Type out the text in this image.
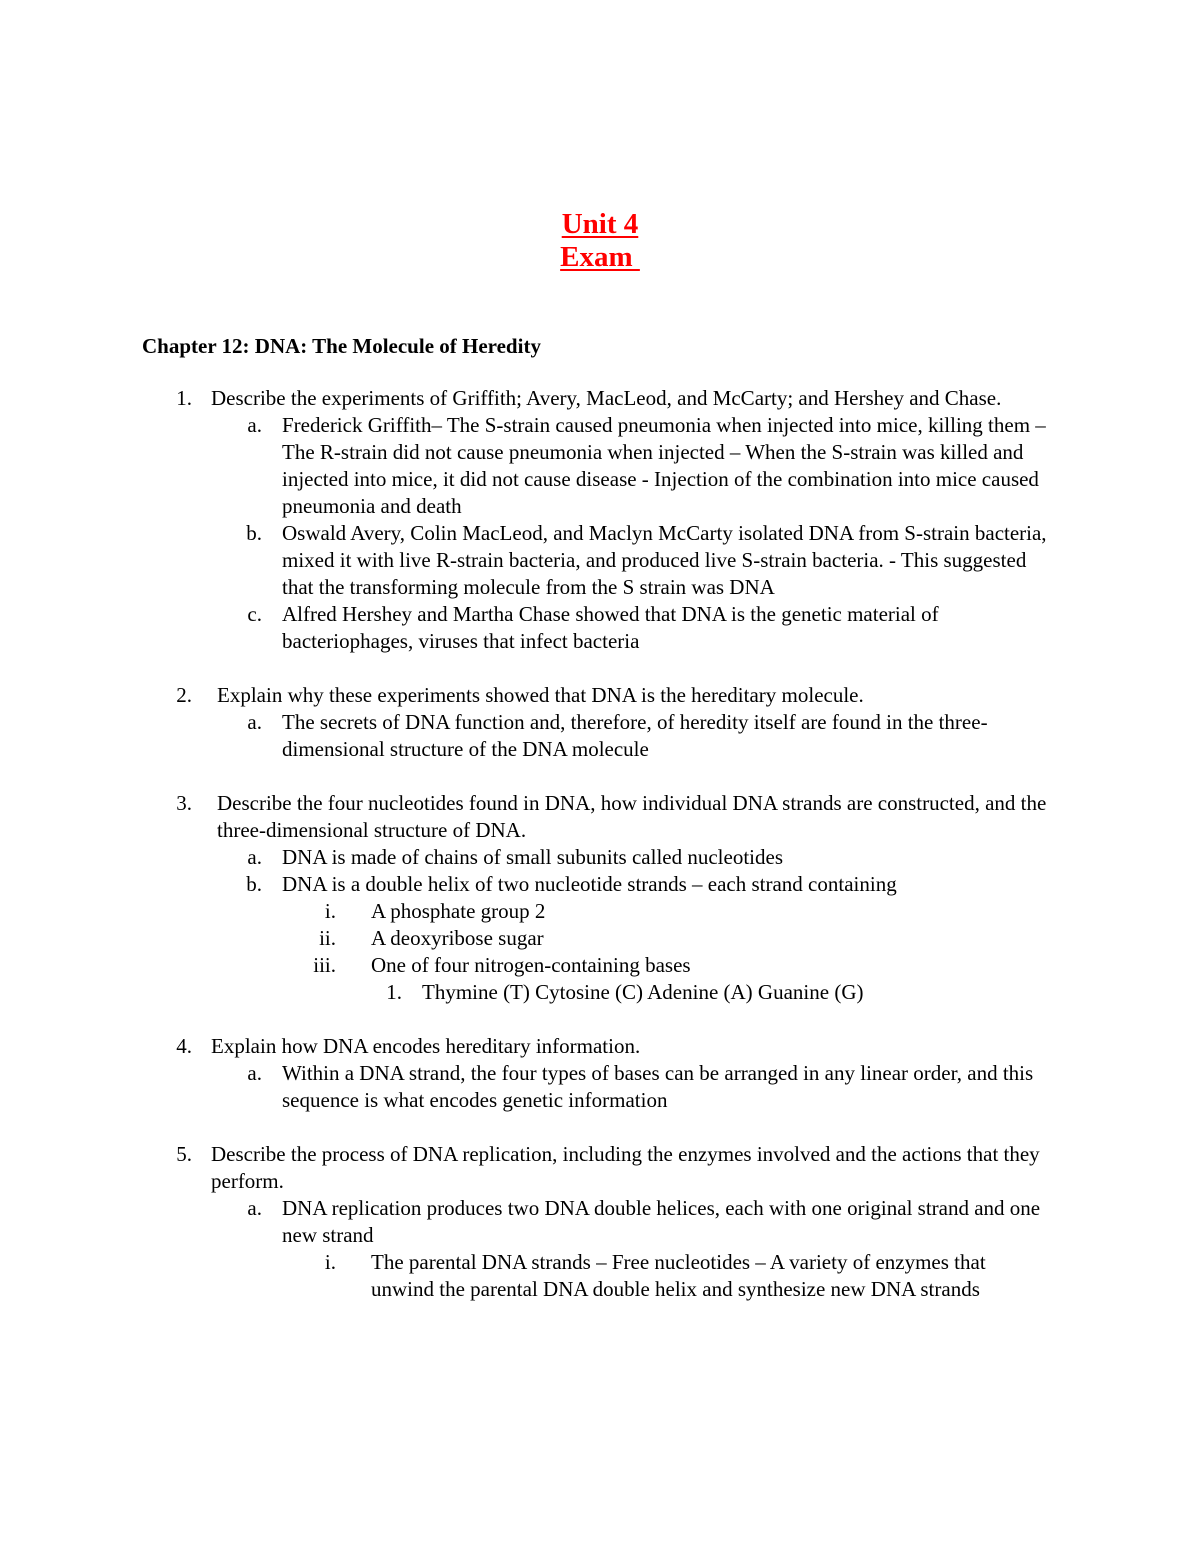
Unit 4
Exam
Chapter 12: DNA: The Molecule of Heredity
1. Describe the experiments of Griffith; Avery, MacLeod, and McCarty; and Hershey and Chase.
a. Frederick Griffith– The S-strain caused pneumonia when injected into mice, killing them – The R-strain did not cause pneumonia when injected – When the S-strain was killed and injected into mice, it did not cause disease - Injection of the combination into mice caused pneumonia and death
b. Oswald Avery, Colin MacLeod, and Maclyn McCarty isolated DNA from S-strain bacteria, mixed it with live R-strain bacteria, and produced live S-strain bacteria. - This suggested that the transforming molecule from the S strain was DNA
c. Alfred Hershey and Martha Chase showed that DNA is the genetic material of bacteriophages, viruses that infect bacteria
2. Explain why these experiments showed that DNA is the hereditary molecule.
a. The secrets of DNA function and, therefore, of heredity itself are found in the three-dimensional structure of the DNA molecule
3. Describe the four nucleotides found in DNA, how individual DNA strands are constructed, and the three-dimensional structure of DNA.
a. DNA is made of chains of small subunits called nucleotides
b. DNA is a double helix of two nucleotide strands – each strand containing
i. A phosphate group 2
ii. A deoxyribose sugar
iii. One of four nitrogen-containing bases
1. Thymine (T) Cytosine (C) Adenine (A) Guanine (G)
4. Explain how DNA encodes hereditary information.
a. Within a DNA strand, the four types of bases can be arranged in any linear order, and this sequence is what encodes genetic information
5. Describe the process of DNA replication, including the enzymes involved and the actions that they perform.
a. DNA replication produces two DNA double helices, each with one original strand and one new strand
i. The parental DNA strands – Free nucleotides – A variety of enzymes that unwind the parental DNA double helix and synthesize new DNA strands
